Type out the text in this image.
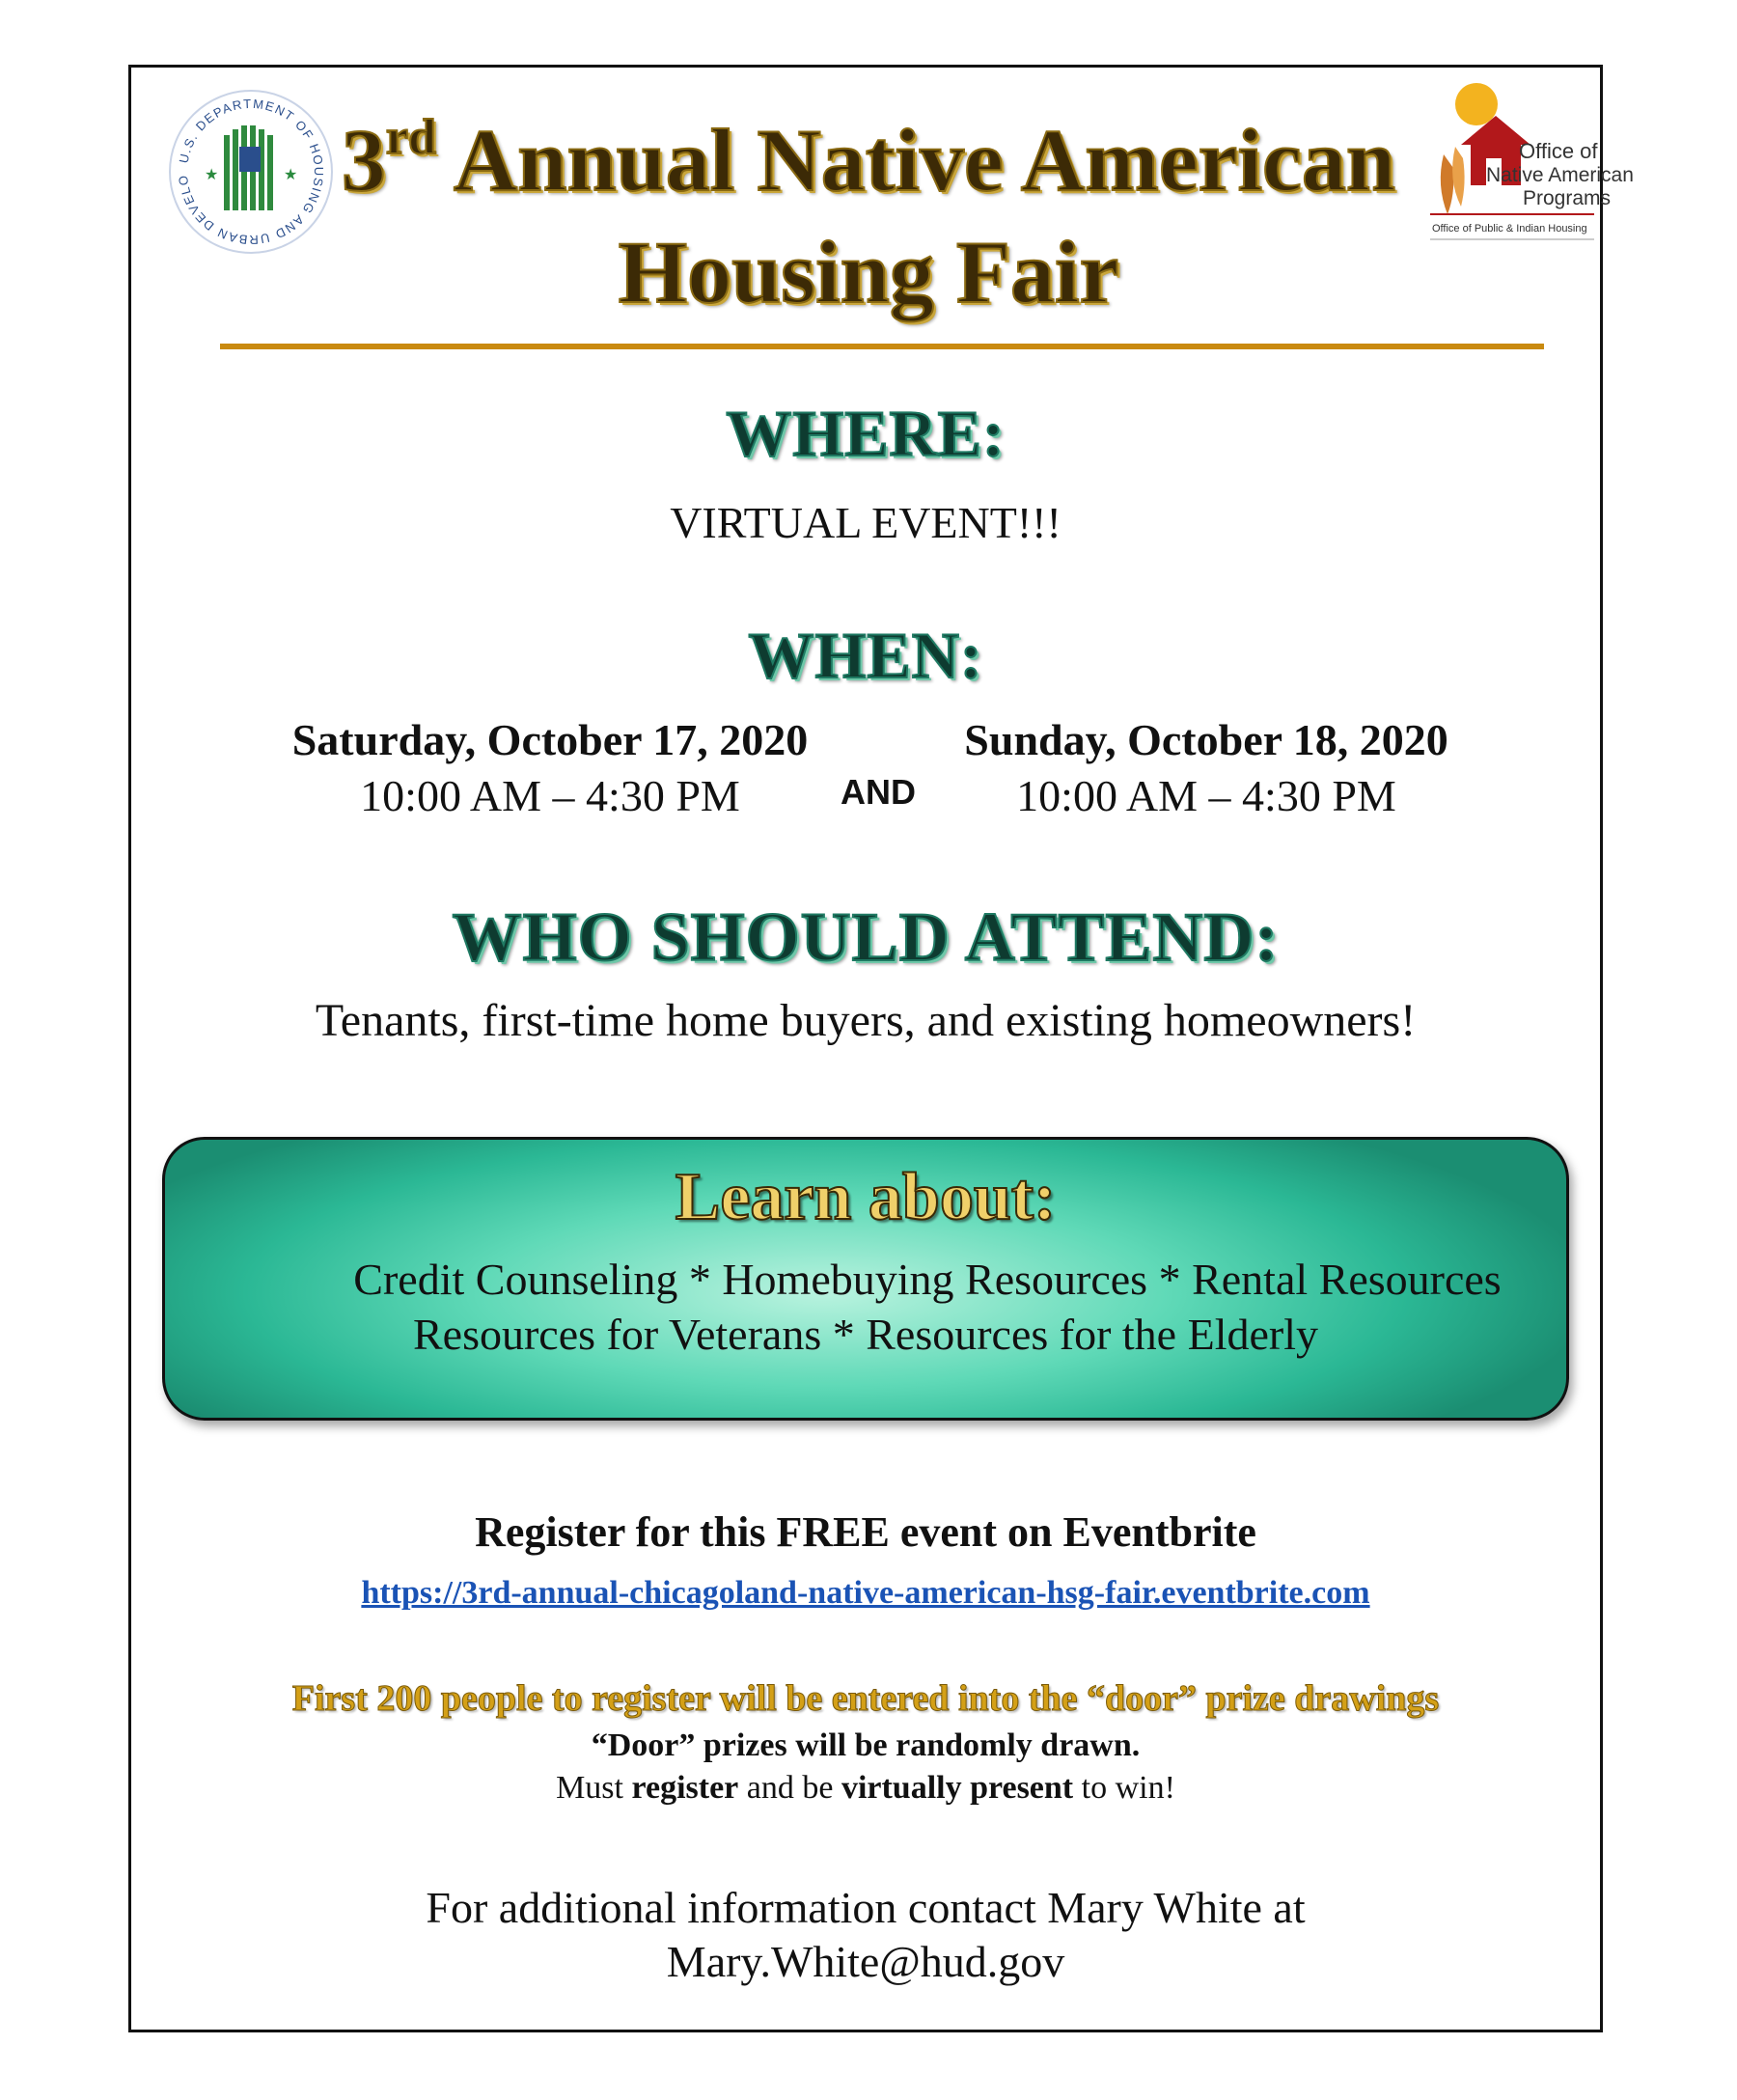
U.S. DEPARTMENT OF HOUSING AND URBAN DEVELO ★	★
Office of
Native American
Programs
Office of Public & Indian Housing
3rd Annual Native American
Housing Fair
WHERE:
VIRTUAL EVENT!!!
WHEN:
Saturday, October 17, 2020
10:00 AM – 4:30 PM	AND
Sunday, October 18, 2020
10:00 AM – 4:30 PM
WHO SHOULD ATTEND:
Tenants, first-time home buyers, and existing homeowners!
Learn about:
Credit Counseling * Homebuying Resources * Rental Resources
Resources for Veterans * Resources for the Elderly
Register for this FREE event on Eventbrite
https://3rd-annual-chicagoland-native-american-hsg-fair.eventbrite.com
First 200 people to register will be entered into the “door” prize drawings
“Door” prizes will be randomly drawn.
Must register and be virtually present to win!
For additional information contact Mary White at
Mary.White@hud.gov
